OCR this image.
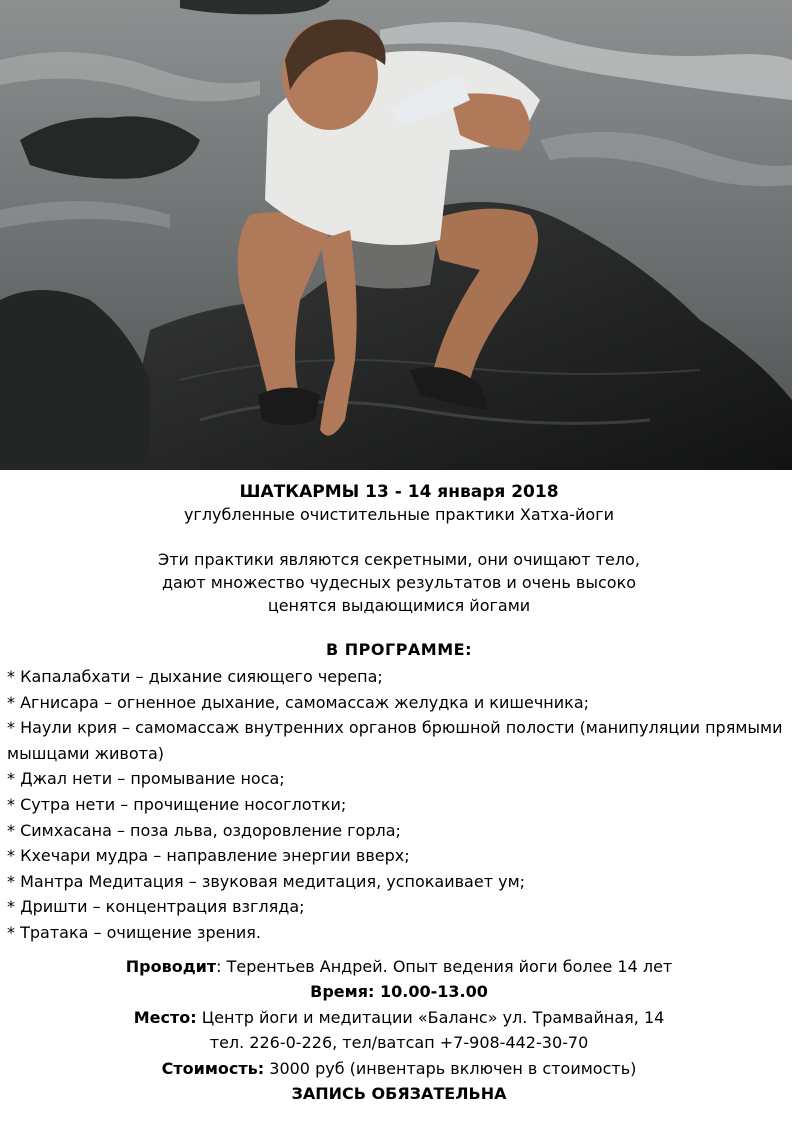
ШАТКАРМЫ 13 - 14 января 2018
углубленные очистительные практики Хатха-йоги
Эти практики являются секретными, они очищают тело,
дают множество чудесных результатов и очень высоко
ценятся выдающимися йогами
В ПРОГРАММЕ:
* Капалабхати – дыхание сияющего черепа;
* Агнисара – огненное дыхание, самомассаж желудка и кишечника;
* Наули крия – самомассаж внутренних органов брюшной полости (манипуляции прямыми мышцами живота)
* Джал нети – промывание носа;
* Сутра нети – прочищение носоглотки;
* Симхасана – поза льва, оздоровление горла;
* Кхечари мудра – направление энергии вверх;
* Мантра Медитация – звуковая медитация, успокаивает ум;
* Дришти – концентрация взгляда;
* Тратака – очищение зрения.
Проводит: Терентьев Андрей. Опыт ведения йоги более 14 лет
Время: 10.00-13.00
Место: Центр йоги и медитации «Баланс» ул. Трамвайная, 14
тел. 226-0-226, тел/ватсап +7-908-442-30-70
Стоимость: 3000 руб (инвентарь включен в стоимость)
ЗАПИСЬ ОБЯЗАТЕЛЬНА
